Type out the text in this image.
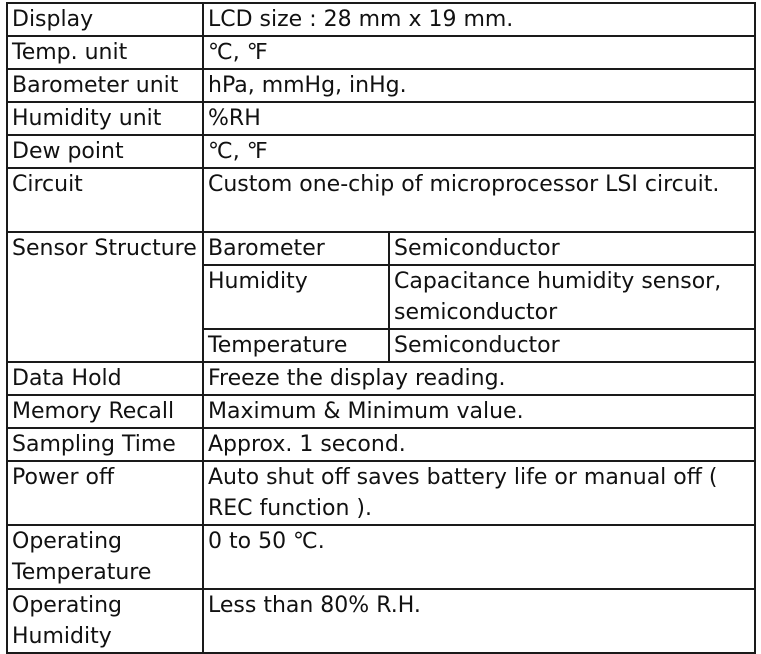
Display	LCD size : 28 mm x 19 mm.	
Temp. unit	℃, ℉	
Barometer unit	hPa, mmHg, inHg.	
Humidity unit	%RH	
Dew point	℃, ℉	
Circuit	Custom one-chip of microprocessor LSI circuit.	
Sensor Structure	Barometer	Semiconductor
	Humidity	Capacitance humidity sensor, semiconductor
	Temperature	Semiconductor
Data Hold	Freeze the display reading.	
Memory Recall	Maximum & Minimum value.	
Sampling Time	Approx. 1 second.	
Power off	Auto shut off saves battery life or manual off ( REC function ).	
Operating Temperature	0 to 50 ℃.	
Operating Humidity	Less than 80% R.H.	
